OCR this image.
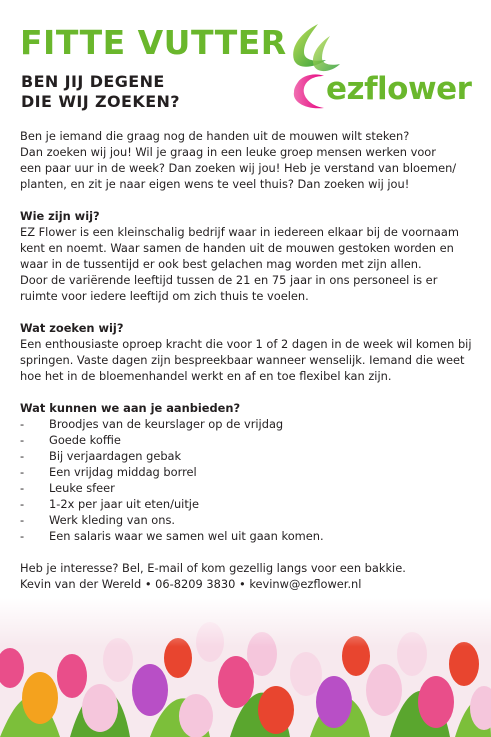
FITTE VUTTER
BEN JIJ DEGENE
DIE WIJ ZOEKEN?	ezflower

Ben je iemand die graag nog de handen uit de mouwen wilt steken?

Dan zoeken wij jou! Wil je graag in een leuke groep mensen werken voor

een paar uur in de week? Dan zoeken wij jou! Heb je verstand van bloemen/

planten, en zit je naar eigen wens te veel thuis? Dan zoeken wij jou!

Wie zijn wij?

EZ Flower is een kleinschalig bedrijf waar in iedereen elkaar bij de voornaam

kent en noemt. Waar samen de handen uit de mouwen gestoken worden en

waar in de tussentijd er ook best gelachen mag worden met zijn allen.

Door de variërende leeftijd tussen de 21 en 75 jaar in ons personeel is er

ruimte voor iedere leeftijd om zich thuis te voelen.

Wat zoeken wij?

Een enthousiaste oproep kracht die voor 1 of 2 dagen in de week wil komen bij

springen. Vaste dagen zijn bespreekbaar wanneer wenselijk. Iemand die weet

hoe het in de bloemenhandel werkt en af en toe flexibel kan zijn.

Wat kunnen we aan je aanbieden?
- Broodjes van de keurslager op de vrijdag
- Goede koffie
- Bij verjaardagen gebak
- Een vrijdag middag borrel
- Leuke sfeer
- 1-2x per jaar uit eten/uitje
- Werk kleding van ons.
- Een salaris waar we samen wel uit gaan komen.

Heb je interesse? Bel, E-mail of kom gezellig langs voor een bakkie.

Kevin van der Wereld • 06-8209 3830 • kevinw@ezflower.nl
